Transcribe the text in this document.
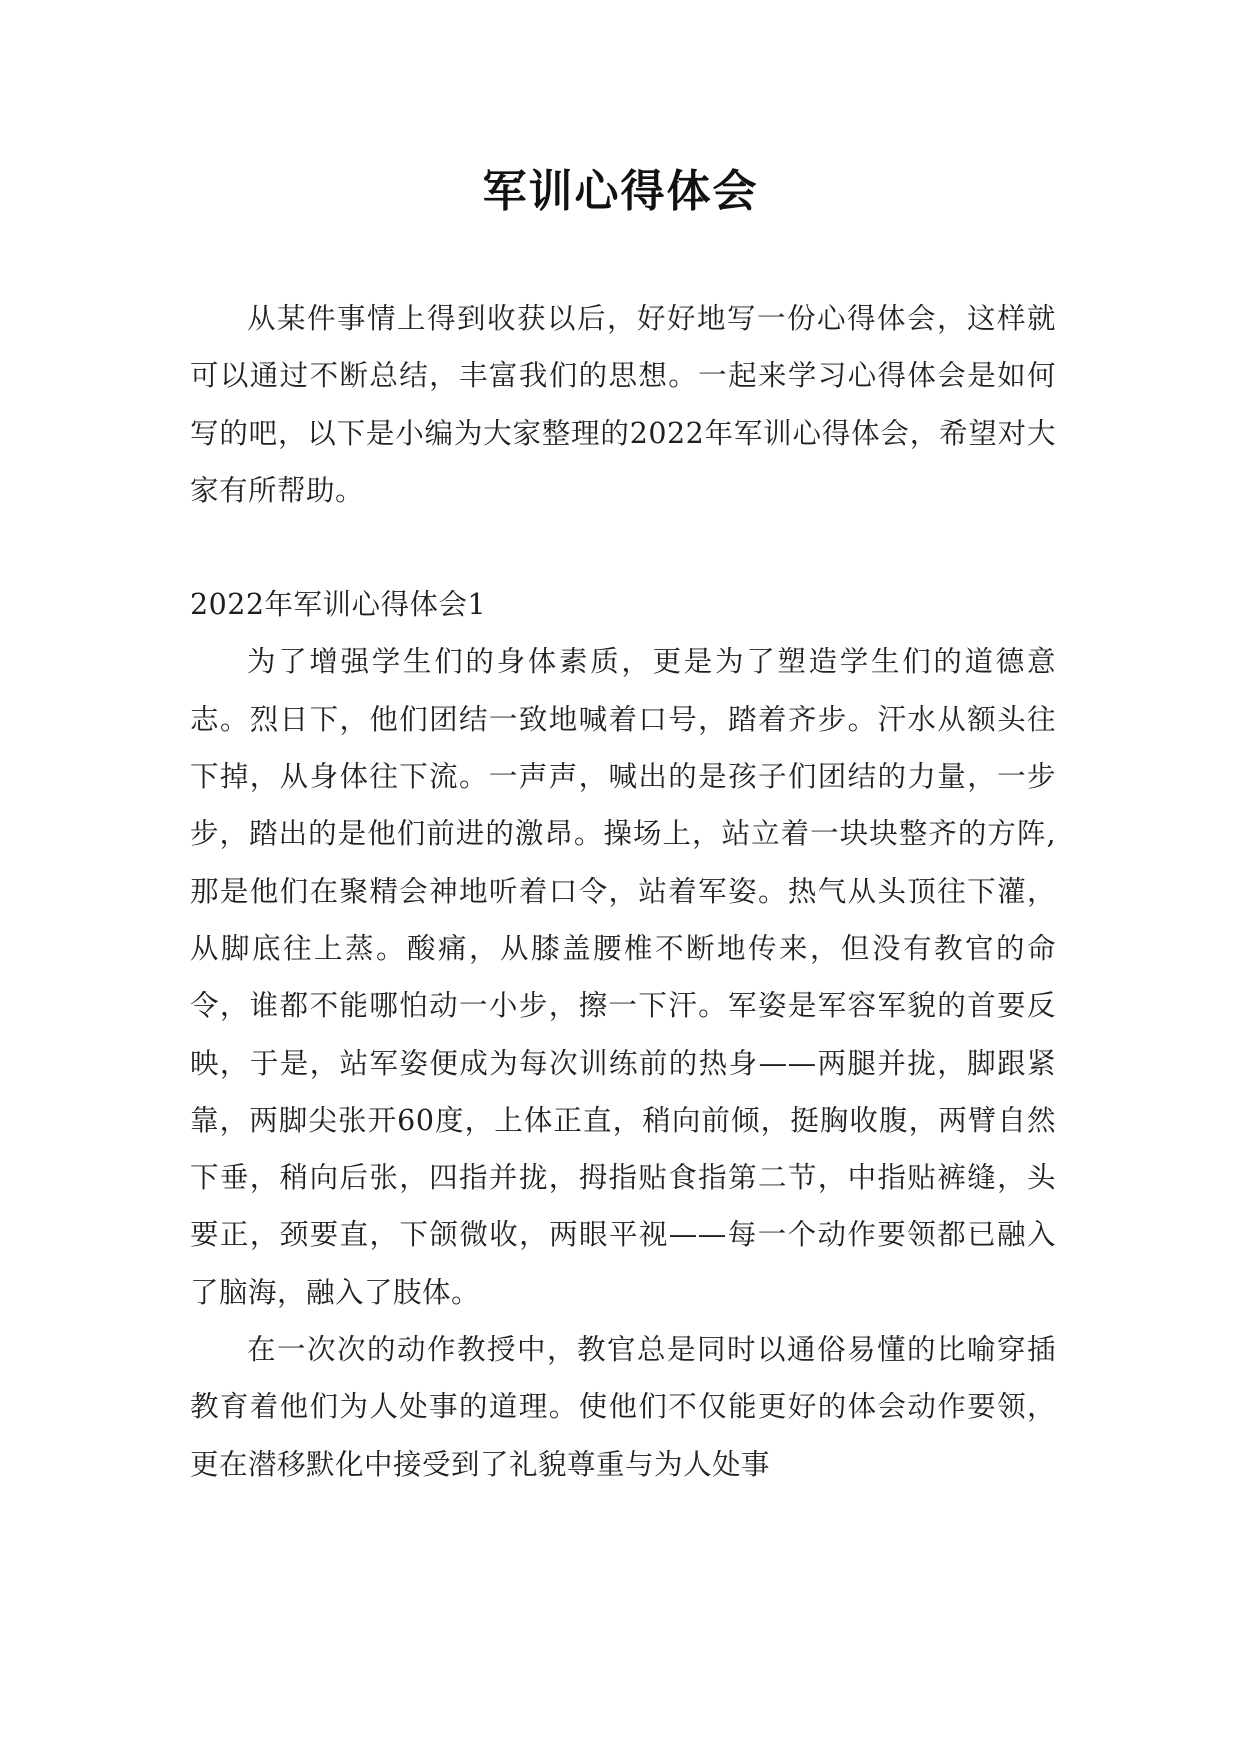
军训心得体会

从某件事情上得到收获以后，好好地写一份心得体会，这样就可以通过不断总结，丰富我们的思想。一起来学习心得体会是如何写的吧，以下是小编为大家整理的2022年军训心得体会，希望对大家有所帮助。

2022年军训心得体会1

为了增强学生们的身体素质，更是为了塑造学生们的道德意志。烈日下，他们团结一致地喊着口号，踏着齐步。汗水从额头往下掉，从身体往下流。一声声，喊出的是孩子们团结的力量，一步步，踏出的是他们前进的激昂。操场上，站立着一块块整齐的方阵,那是他们在聚精会神地听着口令，站着军姿。热气从头顶往下灌，从脚底往上蒸。酸痛，从膝盖腰椎不断地传来，但没有教官的命令，谁都不能哪怕动一小步，擦一下汗。军姿是军容军貌的首要反映，于是，站军姿便成为每次训练前的热身——两腿并拢，脚跟紧靠，两脚尖张开60度，上体正直，稍向前倾，挺胸收腹，两臂自然下垂，稍向后张，四指并拢，拇指贴食指第二节，中指贴裤缝，头要正，颈要直，下颌微收，两眼平视——每一个动作要领都已融入了脑海，融入了肢体。

在一次次的动作教授中，教官总是同时以通俗易懂的比喻穿插教育着他们为人处事的道理。使他们不仅能更好的体会动作要领，更在潜移默化中接受到了礼貌尊重与为人处事
